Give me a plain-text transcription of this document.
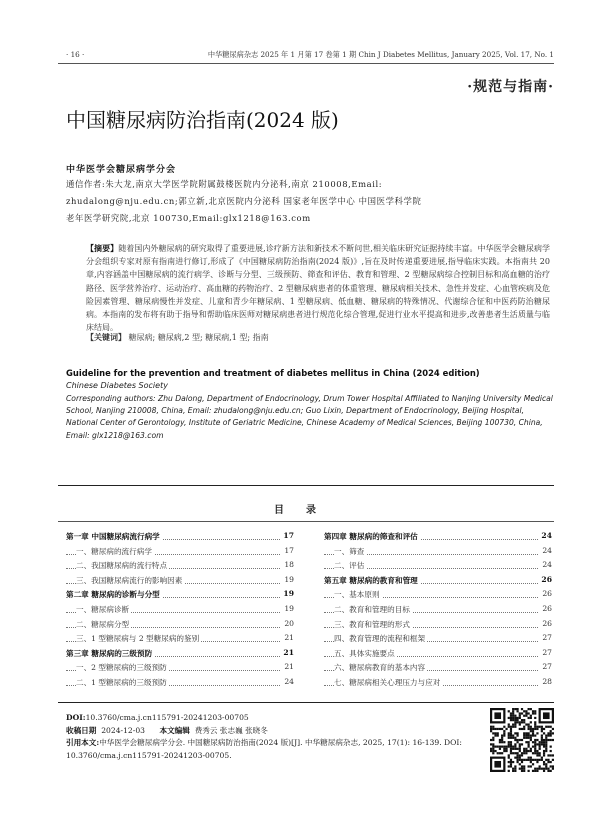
· 16 ·	中华糖尿病杂志 2025 年 1 月第 17 卷第 1 期 Chin J Diabetes Mellitus, January 2025, Vol. 17, No. 1
·规范与指南·
中国糖尿病防治指南(2024 版)
中华医学会糖尿病学分会
通信作者:朱大龙,南京大学医学院附属鼓楼医院内分泌科,南京 210008,Email:
zhudalong@nju.edu.cn;郭立新,北京医院内分泌科 国家老年医学中心 中国医学科学院
老年医学研究院,北京 100730,Email:glx1218@163.com
【摘要】随着国内外糖尿病的研究取得了重要进展,诊疗新方法和新技术不断问世,相关临床研究证据持续丰富。中华医学会糖尿病学分会组织专家对原有指南进行修订,形成了《中国糖尿病防治指南(2024 版)》,旨在及时传递重要进展,指导临床实践。本指南共 20 章,内容涵盖中国糖尿病的流行病学、诊断与分型、三级预防、筛查和评估、教育和管理、2 型糖尿病综合控制目标和高血糖的治疗路径、医学营养治疗、运动治疗、高血糖的药物治疗、2 型糖尿病患者的体重管理、糖尿病相关技术、急性并发症、心血管疾病及危险因素管理、糖尿病慢性并发症、儿童和青少年糖尿病、1 型糖尿病、低血糖、糖尿病的特殊情况、代谢综合征和中医药防治糖尿病。本指南的发布将有助于指导和帮助临床医师对糖尿病患者进行规范化综合管理,促进行业水平提高和进步,改善患者生活质量与临床结局。
【关键词】 糖尿病; 糖尿病,2 型; 糖尿病,1 型; 指南
Guideline for the prevention and treatment of diabetes mellitus in China (2024 edition)
Chinese Diabetes Society
Corresponding authors: Zhu Dalong, Department of Endocrinology, Drum Tower Hospital Affiliated to Nanjing University Medical School, Nanjing 210008, China, Email: zhudalong@nju.edu.cn; Guo Lixin, Department of Endocrinology, Beijing Hospital, National Center of Gerontology, Institute of Geriatric Medicine, Chinese Academy of Medical Sciences, Beijing 100730, China, Email: glx1218@163.com
目录
第一章 中国糖尿病流行病学	17
一、糖尿病的流行病学	17
二、我国糖尿病的流行特点	18
三、我国糖尿病流行的影响因素	19
第二章 糖尿病的诊断与分型	19
一、糖尿病诊断	19
二、糖尿病分型	20
三、1 型糖尿病与 2 型糖尿病的鉴别	21
第三章 糖尿病的三级预防	21
一、2 型糖尿病的三级预防	21
二、1 型糖尿病的三级预防	24
第四章 糖尿病的筛查和评估	24
一、筛查	24
二、评估	24
第五章 糖尿病的教育和管理	26
一、基本原则	26
二、教育和管理的目标	26
三、教育和管理的形式	26
四、教育管理的流程和框架	27
五、具体实施要点	27
六、糖尿病教育的基本内容	27
七、糖尿病相关心理压力与应对	28
DOI:10.3760/cma.j.cn115791-20241203-00705
收稿日期 2024-12-03 本文编辑 费秀云 张志巍 张晓冬
引用本文:中华医学会糖尿病学分会. 中国糖尿病防治指南(2024 版)[J]. 中华糖尿病杂志, 2025, 17(1): 16-139. DOI: 10.3760/cma.j.cn115791-20241203-00705.
